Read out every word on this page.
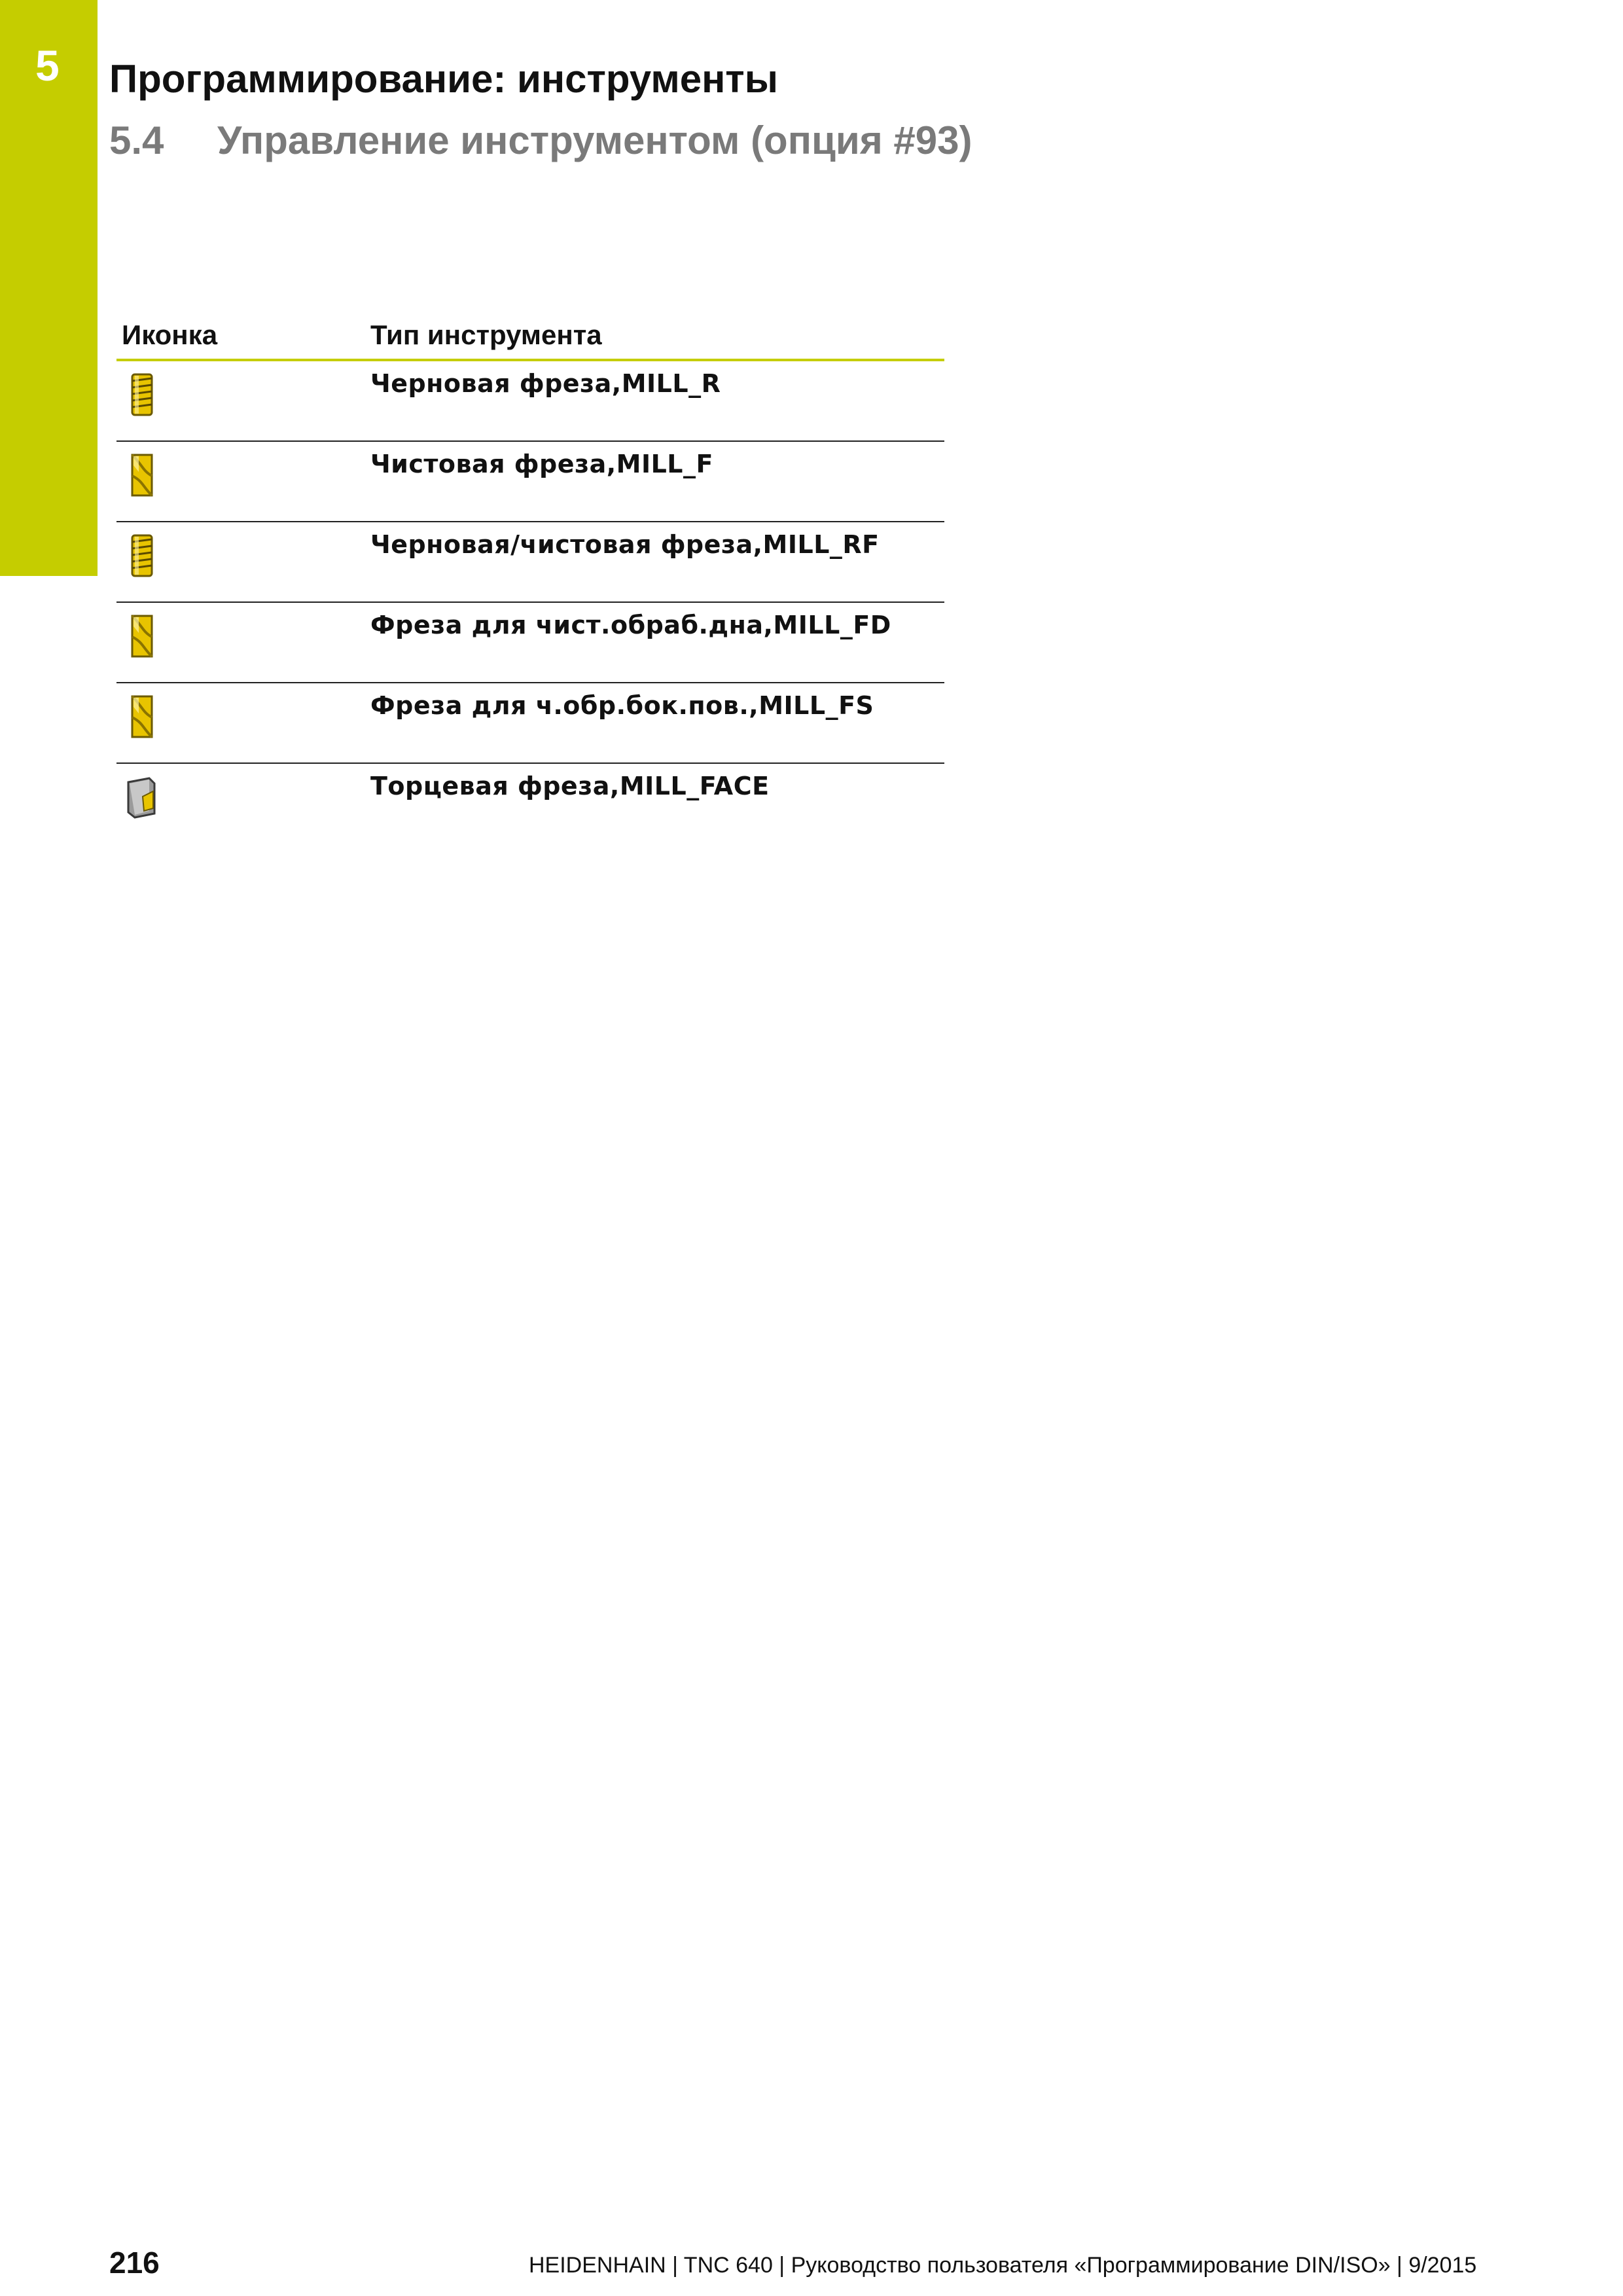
5 Программирование: инструменты
5.4 Управление инструментом (опция #93)
Иконка	Тип инструмента
Черновая фреза,MILL_R
Чистовая фреза,MILL_F
Черновая/чистовая фреза,MILL_RF
Фреза для чист.обраб.дна,MILL_FD
Фреза для ч.обр.бок.пов.,MILL_FS
Торцевая фреза,MILL_FACE
216	HEIDENHAIN | TNC 640 | Руководство пользователя «Программирование DIN/ISO» | 9/2015
